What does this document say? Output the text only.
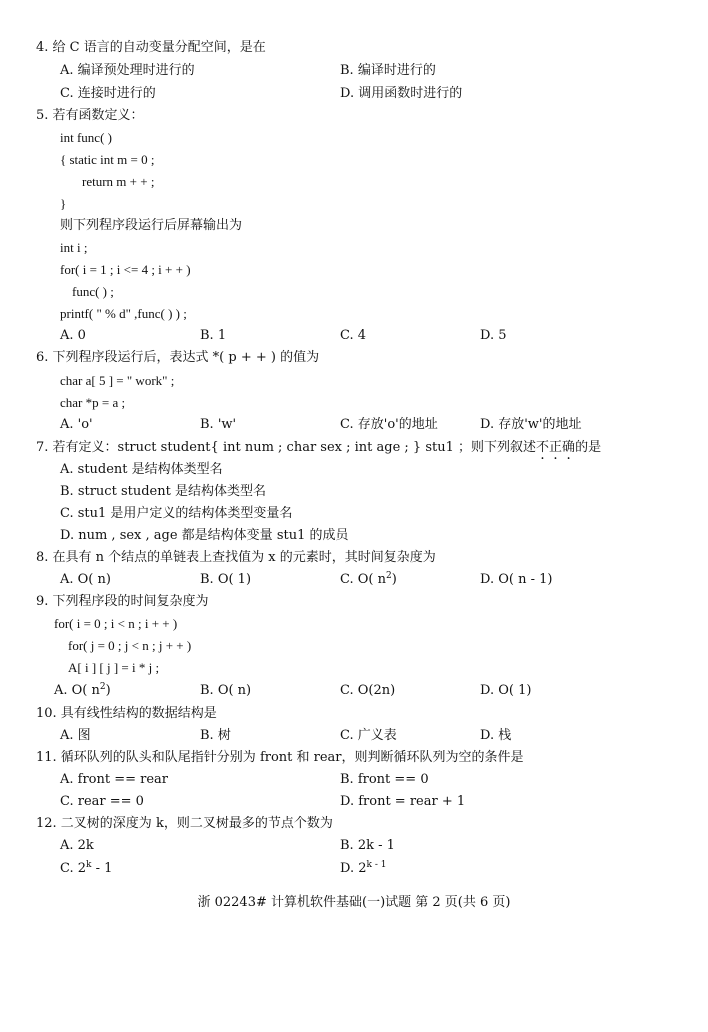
4. 给 C 语言的自动变量分配空间，是在
A. 编译预处理时进行的	B. 编译时进行的
C. 连接时进行的	D. 调用函数时进行的
5. 若有函数定义：
int func( )
{ static int m = 0 ;
return m + + ;
}
则下列程序段运行后屏幕输出为
int i ;
for( i = 1 ; i <= 4 ; i + + )
func( ) ;
printf( " % d" ,func( ) ) ;
A. 0	B. 1	C. 4	D. 5
6. 下列程序段运行后，表达式 *( p + + ) 的值为
char a[ 5 ] = " work" ;
char *p = a ;
A. 'o'	B. 'w'	C. 存放'o'的地址	D. 存放'w'的地址
7. 若有定义：struct student{ int num ; char sex ; int age ; } stu1 ；则下列叙述不正确的是
A. student 是结构体类型名
B. struct student 是结构体类型名
C. stu1 是用户定义的结构体类型变量名
D. num , sex , age 都是结构体变量 stu1 的成员
8. 在具有 n 个结点的单链表上查找值为 x 的元素时，其时间复杂度为
A. O( n)	B. O( 1)	C. O( $n^2$)	D. O( n - 1)
9. 下列程序段的时间复杂度为
for( i = 0 ; i < n ; i + + )
for( j = 0 ; j < n ; j + + )
A[ i ] [ j ] = i * j ;
A. O( $n^2$)	B. O( n)	C. O(2n)	D. O( 1)
10. 具有线性结构的数据结构是
A. 图	B. 树	C. 广义表	D. 栈
11. 循环队列的队头和队尾指针分别为 front 和 rear，则判断循环队列为空的条件是
A. front == rear	B. front == 0
C. rear == 0	D. front = rear + 1
12. 二叉树的深度为 k，则二叉树最多的节点个数为
A. 2k	B. 2k - 1
C. 2$^k$ - 1	D. 2$^{k - 1}$
浙 02243# 计算机软件基础(一)试题 第 2 页(共 6 页)
